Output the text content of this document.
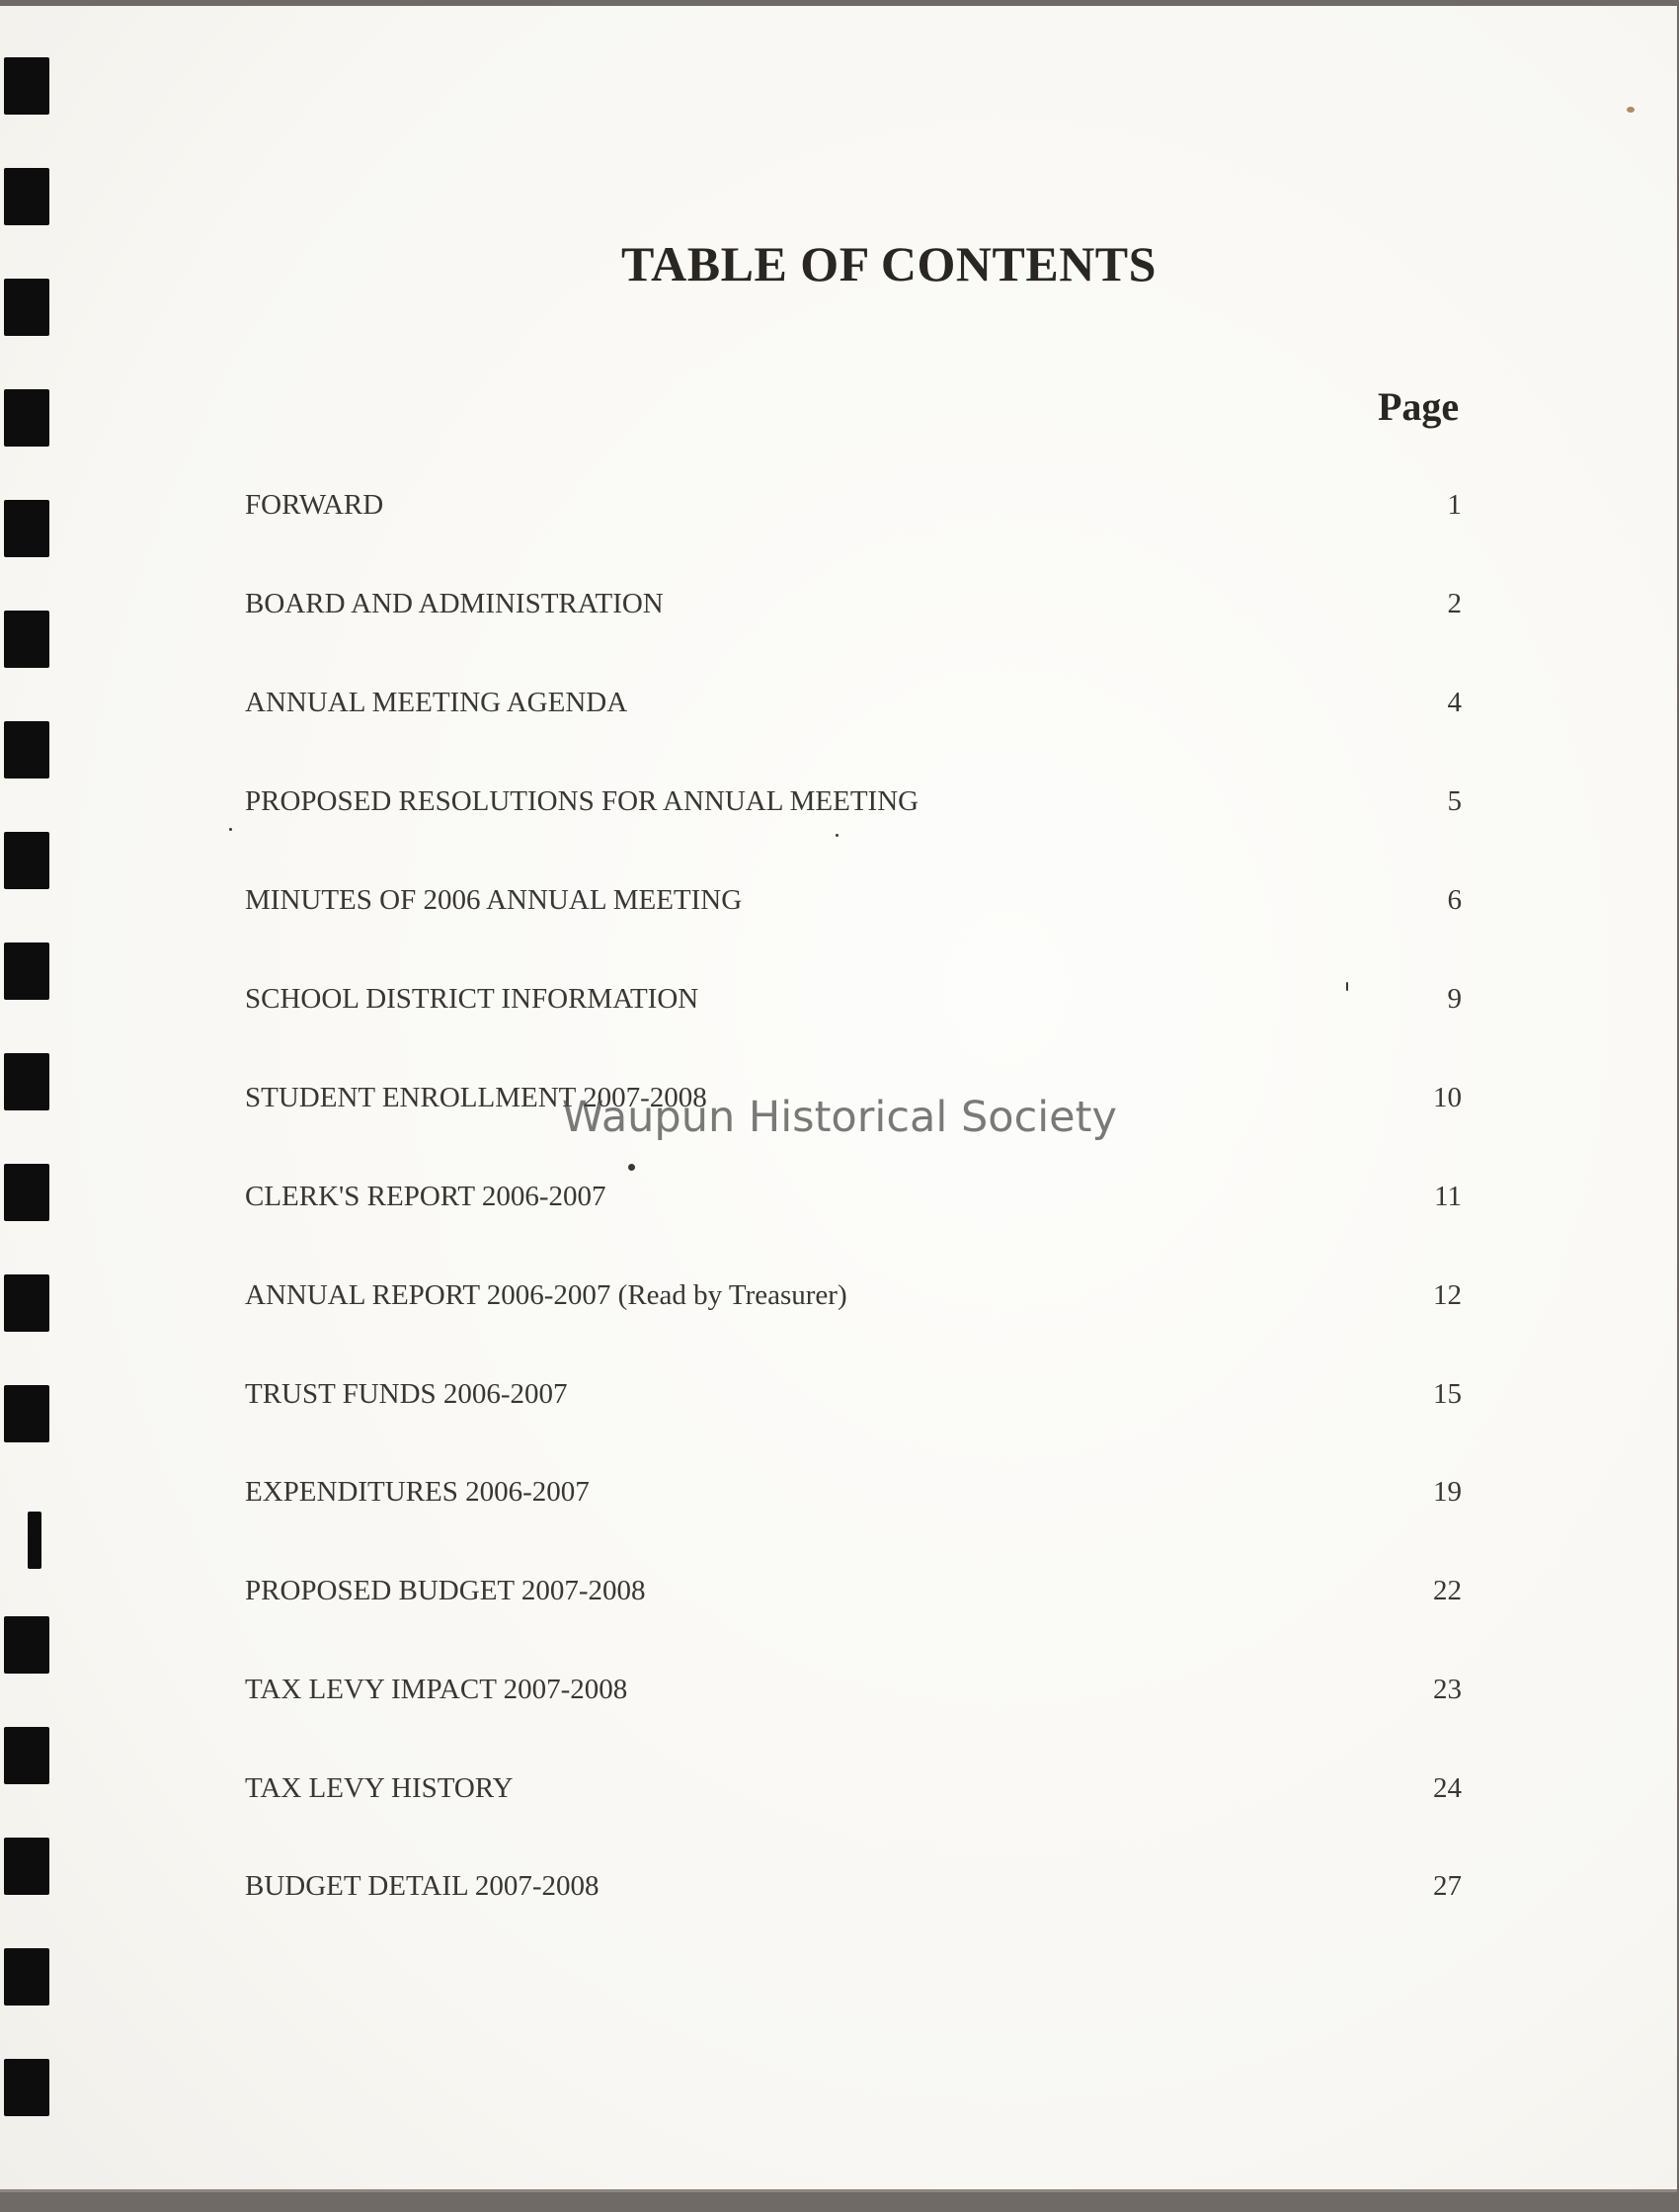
TABLE OF CONTENTS
Page
FORWARD	1
BOARD AND ADMINISTRATION	2
ANNUAL MEETING AGENDA	4
PROPOSED RESOLUTIONS FOR ANNUAL MEETING	5
MINUTES OF 2006 ANNUAL MEETING	6
SCHOOL DISTRICT INFORMATION	9
STUDENT ENROLLMENT 2007-2008	10
CLERK'S REPORT 2006-2007	11
ANNUAL REPORT 2006-2007 (Read by Treasurer)	12
TRUST FUNDS 2006-2007	15
EXPENDITURES 2006-2007	19
PROPOSED BUDGET 2007-2008	22
TAX LEVY IMPACT 2007-2008	23
TAX LEVY HISTORY	24
BUDGET DETAIL 2007-2008	27
Waupun Historical Society
